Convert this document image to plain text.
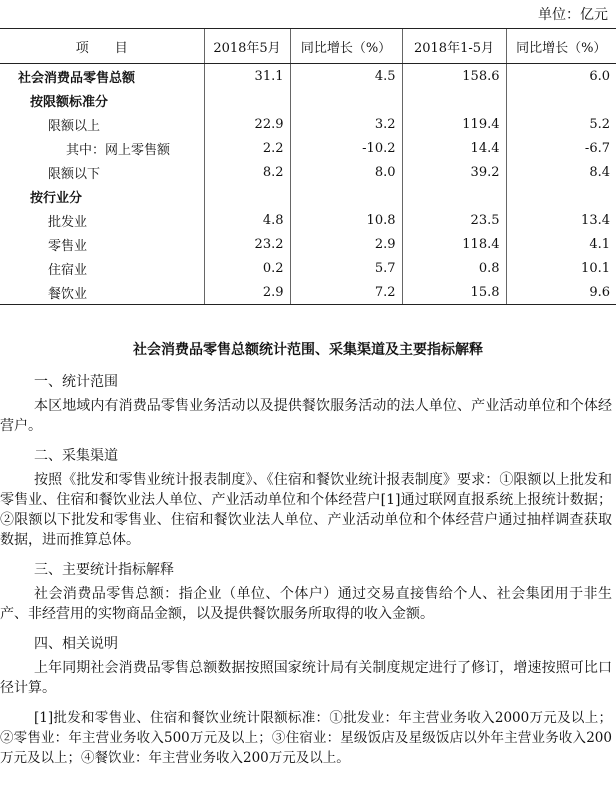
单位：亿元
项　　目	2018年5月	同比增长（%）	2018年1-5月	同比增长（%）
社会消费品零售总额	31.1	4.5	158.6	6.0
按限额标准分				
限额以上	22.9	3.2	119.4	5.2
其中：网上零售额	2.2	-10.2	14.4	-6.7
限额以下	8.2	8.0	39.2	8.4
按行业分				
批发业	4.8	10.8	23.5	13.4
零售业	23.2	2.9	118.4	4.1
住宿业	0.2	5.7	0.8	10.1
餐饮业	2.9	7.2	15.8	9.6

社会消费品零售总额统计范围、采集渠道及主要指标解释

一、统计范围

本区地域内有消费品零售业务活动以及提供餐饮服务活动的法人单位、产业活动单位和个体经营户。

二、采集渠道

按照《批发和零售业统计报表制度》、《住宿和餐饮业统计报表制度》要求：①限额以上批发和零售业、住宿和餐饮业法人单位、产业活动单位和个体经营户[1]通过联网直报系统上报统计数据；②限额以下批发和零售业、住宿和餐饮业法人单位、产业活动单位和个体经营户通过抽样调查获取数据，进而推算总体。

三、主要统计指标解释

社会消费品零售总额：指企业（单位、个体户）通过交易直接售给个人、社会集团用于非生产、非经营用的实物商品金额，以及提供餐饮服务所取得的收入金额。

四、相关说明

上年同期社会消费品零售总额数据按照国家统计局有关制度规定进行了修订，增速按照可比口径计算。

[1]批发和零售业、住宿和餐饮业统计限额标准：①批发业：年主营业务收入2000万元及以上；②零售业：年主营业务收入500万元及以上；③住宿业：星级饭店及星级饭店以外年主营业务收入200万元及以上；④餐饮业：年主营业务收入200万元及以上。
